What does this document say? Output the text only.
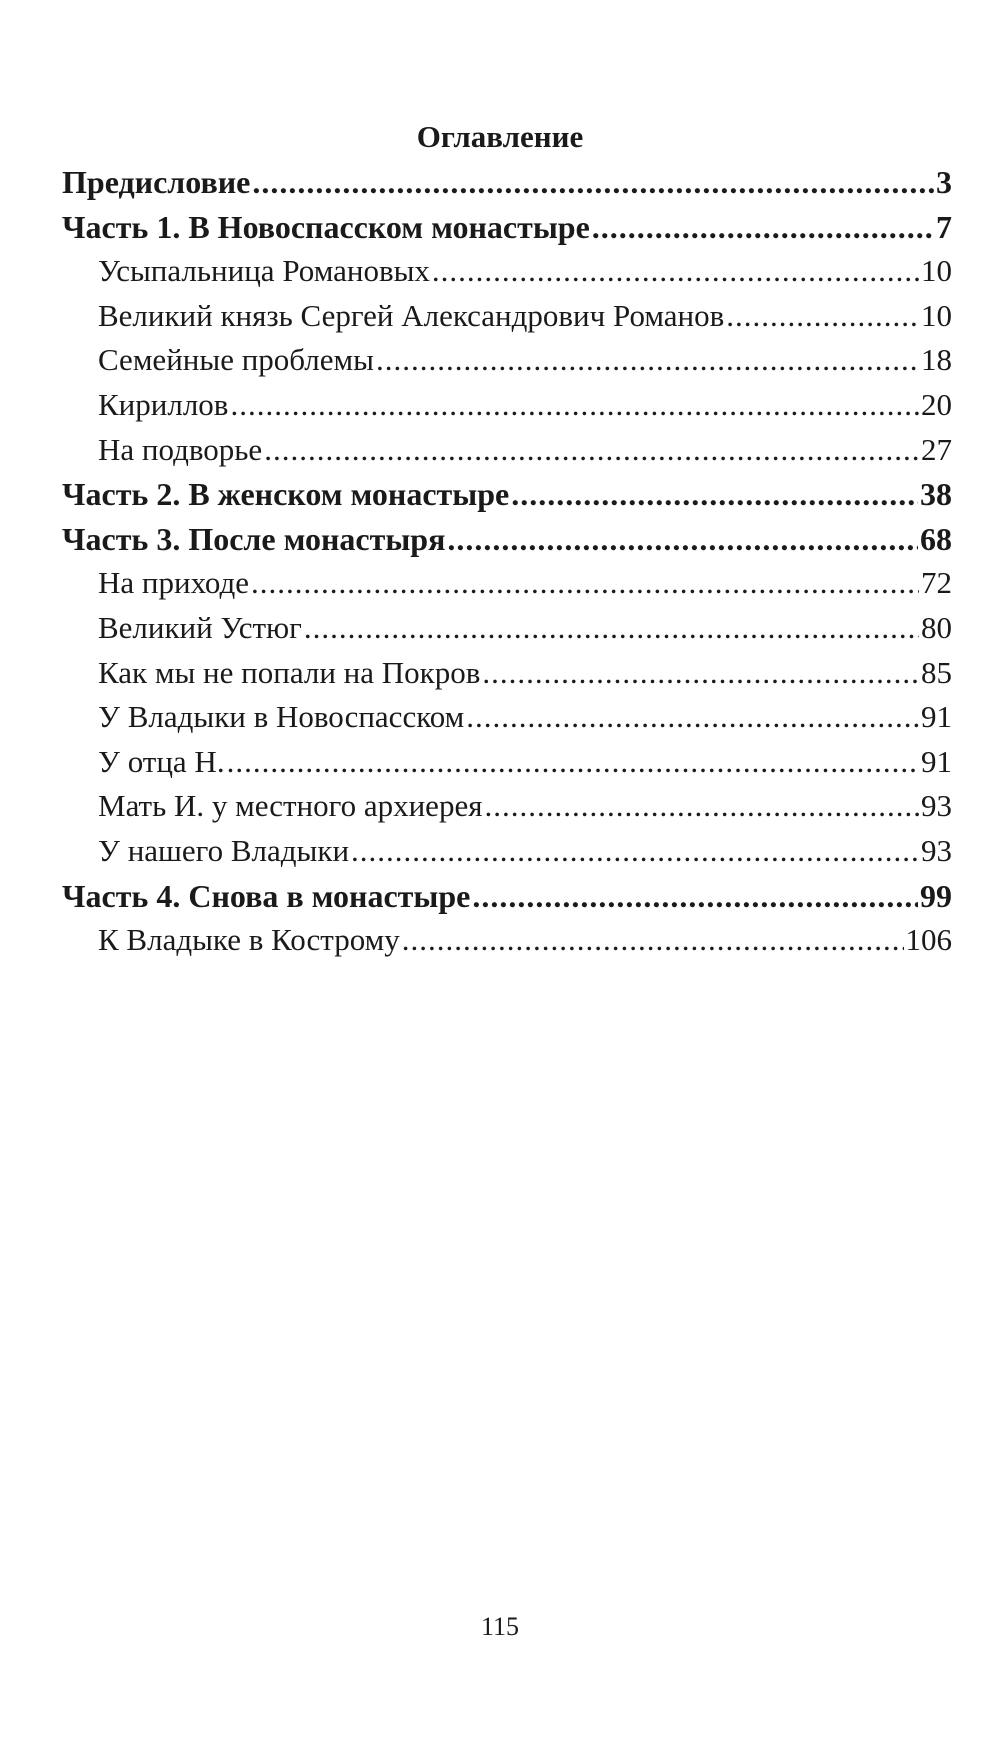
Оглавление
Предисловие .....	3
Часть 1. В Новоспасском монастыре .....	7
Усыпальница Романовых .....	10
Великий князь Сергей Александрович Романов .....	10
Семейные проблемы .....	18
Кириллов .....	20
На подворье .....	27
Часть 2. В женском монастыре .....	38
Часть 3. После монастыря .....	68
На приходе .....	72
Великий Устюг .....	80
Как мы не попали на Покров .....	85
У Владыки в Новоспасском .....	91
У отца Н. .....	91
Мать И. у местного архиерея .....	93
У нашего Владыки .....	93
Часть 4. Снова в монастыре .....	99
К Владыке в Кострому .....	106
115
